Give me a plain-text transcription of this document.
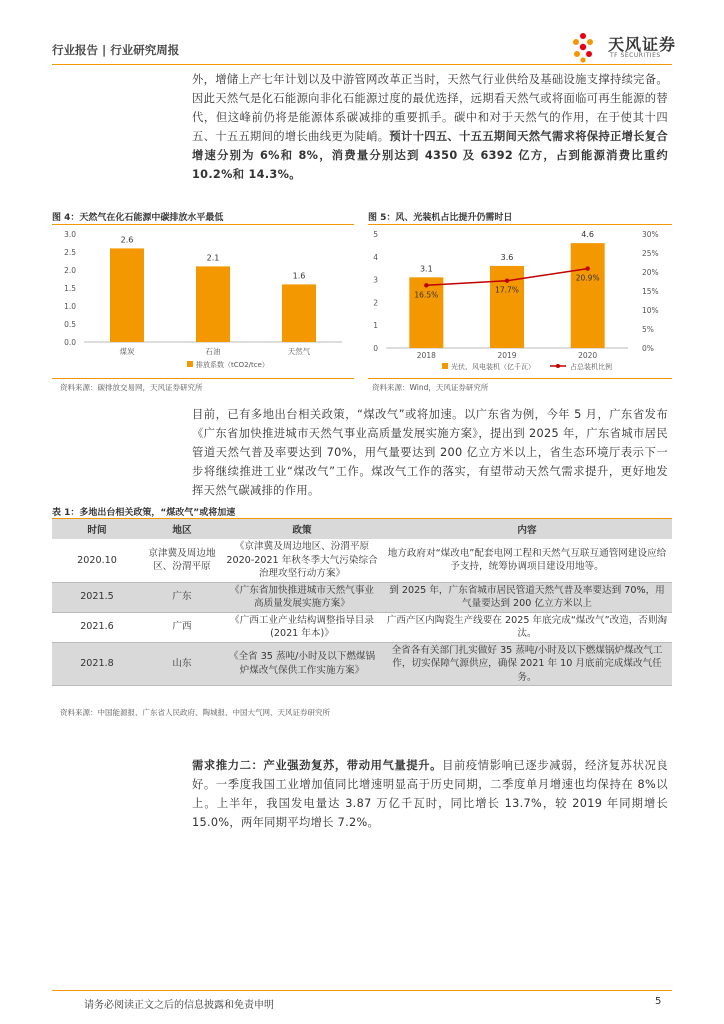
行业报告 | 行业研究周报	天风证券
TF SECURITIES
外，增储上产七年计划以及中游管网改革正当时，天然气行业供给及基础设施支撑持续完备。因此天然气是化石能源向非化石能源过度的最优选择，远期看天然气或将面临可再生能源的替代，但这峰前仍将是能源体系碳减排的重要抓手。碳中和对于天然气的作用，在于使其十四五、十五五期间的增长曲线更为陡峭。预计十四五、十五五期间天然气需求将保持正增长复合增速分别为 6%和 8%，消费量分别达到 4350 及 6392 亿方，占到能源消费比重约 10.2%和 14.3%。
图 4：天然气在化石能源中碳排放水平最低
3.0
2.5
2.0
1.5
1.0
0.5
0.0
2.6
煤炭
2.1
石油
1.6
天然气
排放系数（tCO2/tce）
资料来源：碳排放交易网，天风证券研究所
图 5：风、光装机占比提升仍需时日
5
4
3
2
1
0
30%
25%
20%
15%
10%
5%
0%
3.1
2018
3.6
2019
4.6
2020
16.5%
17.7%
20.9%
光伏、风电装机（亿千瓦）	占总装机比例
资料来源：Wind，天风证券研究所
目前，已有多地出台相关政策，“煤改气”或将加速。以广东省为例，今年 5 月，广东省发布《广东省加快推进城市天然气事业高质量发展实施方案》，提出到 2025 年，广东省城市居民管道天然气普及率要达到 70%，用气量要达到 200 亿立方米以上，省生态环境厅表示下一步将继续推进工业“煤改气”工作。煤改气工作的落实，有望带动天然气需求提升，更好地发挥天然气碳减排的作用。
表 1：多地出台相关政策，“煤改气”或将加速
时间	地区	政策	内容
2020.10	京津冀及周边地区、汾渭平原	《京津冀及周边地区、汾渭平原 2020-2021 年秋冬季大气污染综合治理攻坚行动方案》	地方政府对“煤改电”配套电网工程和天然气互联互通管网建设应给予支持，统筹协调项目建设用地等。
2021.5	广东	《广东省加快推进城市天然气事业高质量发展实施方案》	到 2025 年，广东省城市居民管道天然气普及率要达到 70%，用气量要达到 200 亿立方米以上
2021.6	广西	《广西工业产业结构调整指导目录(2021 年本)》	广西产区内陶瓷生产线要在 2025 年底完成“煤改气”改造，否则淘汰。
2021.8	山东	《全省 35 蒸吨/小时及以下燃煤锅炉煤改气保供工作实施方案》	全省各有关部门扎实做好 35 蒸吨/小时及以下燃煤锅炉煤改气工作，切实保障气源供应，确保 2021 年 10 月底前完成煤改气任务。
资料来源：中国能源报、广东省人民政府、陶城报、中国大气网、天风证券研究所
需求推力二：产业强劲复苏，带动用气量提升。目前疫情影响已逐步减弱，经济复苏状况良好。一季度我国工业增加值同比增速明显高于历史同期，二季度单月增速也均保持在 8%以上。上半年，我国发电量达 3.87 万亿千瓦时，同比增长 13.7%，较 2019 年同期增长 15.0%，两年同期平均增长 7.2%。
请务必阅读正文之后的信息披露和免责申明	5
